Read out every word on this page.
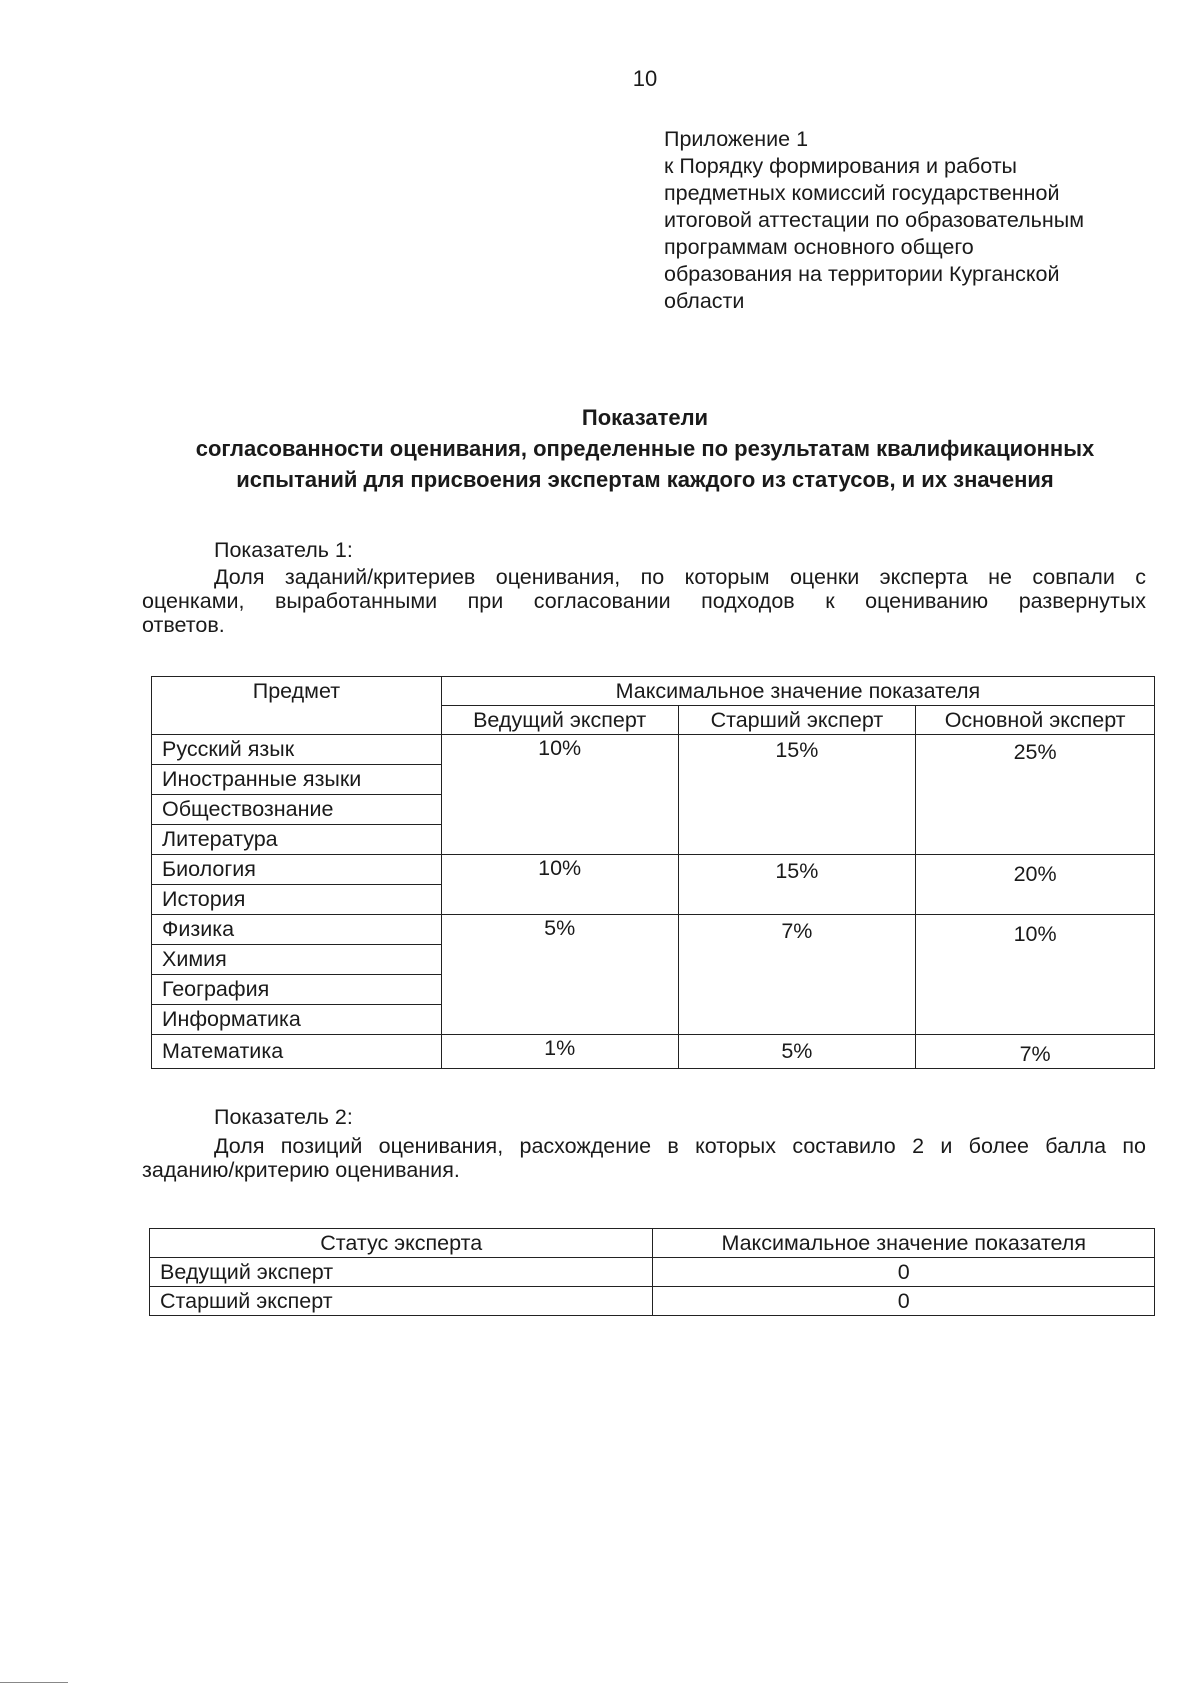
10
Приложение 1
к Порядку формирования и работы
предметных комиссий государственной
итоговой аттестации по образовательным
программам основного общего
образования на территории Курганской
области
Показатели
согласованности оценивания, определенные по результатам квалификационных
испытаний для присвоения экспертам каждого из статусов, и их значения
Показатель 1:
Доля заданий/критериев оценивания, по которым оценки эксперта не совпали с
оценками, выработанными при согласовании подходов к оцениванию развернутых
ответов.
Предмет	Максимальное значение показателя		
	Ведущий эксперт	Старший эксперт	Основной эксперт
Русский язык	10%	15%	25%
Иностранные языки			
Обществознание			
Литература			
Биология	10%	15%	20%
История			
Физика	5%	7%	10%
Химия			
География			
Информатика			
Математика	1%	5%	7%
Показатель 2:
Доля позиций оценивания, расхождение в которых составило 2 и более балла по
заданию/критерию оценивания.
Статус эксперта	Максимальное значение показателя
Ведущий эксперт	0
Старший эксперт	0
